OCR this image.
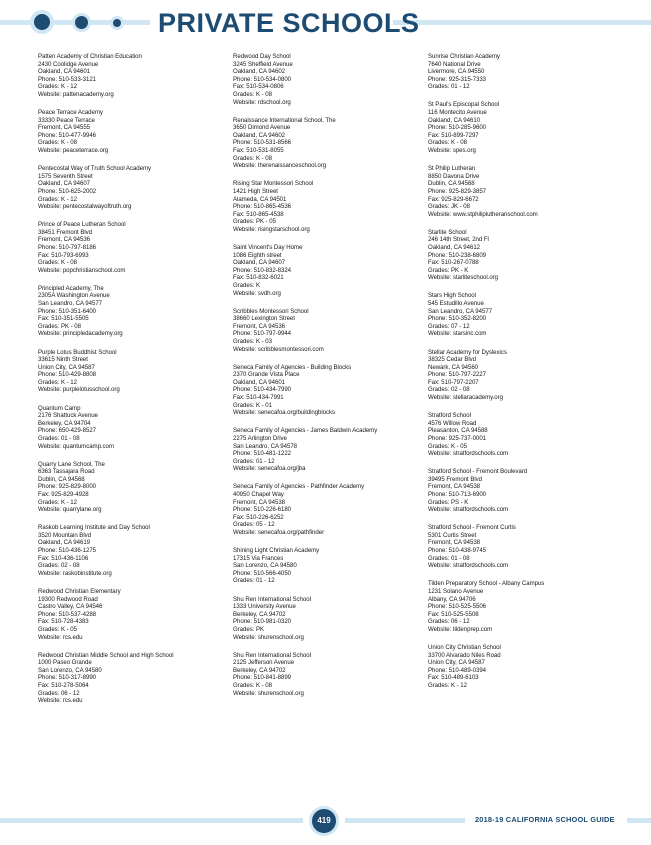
PRIVATE SCHOOLS
Patten Academy of Christian Education
2430 Coolidge Avenue
Oakland, CA 94601
Phone: 510-533-3121
Grades: K - 12
Website: pattenacademy.org
Peace Terrace Academy
33330 Peace Terrace
Fremont, CA 94555
Phone: 510-477-9946
Grades: K - 08
Website: peaceterrace.org
Pentecostal Way of Truth School Academy
1575 Seventh Street
Oakland, CA 94607
Phone: 510-625-2002
Grades: K - 12
Website: pentecostalwayoftruth.org
Prince of Peace Lutheran School
38451 Fremont Blvd
Fremont, CA 94536
Phone: 510-797-8186
Fax: 510-793-6993
Grades: K - 08
Website: popchristianschool.com
Principled Academy, The
2305A Washington Avenue
San Leandro, CA 94577
Phone: 510-351-6400
Fax: 510-351-5505
Grades: PK - 08
Website: principledacademy.org
Purple Lotus Buddhist School
33615 Ninth Street
Union City, CA 94587
Phone: 510-429-8808
Grades: K - 12
Website: purplelotusschool.org
Quantum Camp
2176 Shattuck Avenue
Berkeley, CA 94704
Phone: 650-429-8527
Grades: 01 - 08
Website: quantumcamp.com
Quarry Lane School, The
6363 Tassajara Road
Dublin, CA 94568
Phone: 925-829-8000
Fax: 925-829-4928
Grades: K - 12
Website: quarrylane.org
Raskob Learning Institute and Day School
3520 Mountain Blvd
Oakland, CA 94619
Phone: 510-436-1275
Fax: 510-436-1106
Grades: 02 - 08
Website: raskobinstitute.org
Redwood Christian Elementary
19300 Redwood Road
Castro Valley, CA 94546
Phone: 510-537-4288
Fax: 510-728-4383
Grades: K - 05
Website: rcs.edu
Redwood Christian Middle School and High School
1000 Paseo Grande
San Lorenzo, CA 94580
Phone: 510-317-8990
Fax: 510-278-5064
Grades: 06 - 12
Website: rcs.edu
Redwood Day School
3245 Sheffield Avenue
Oakland, CA 94602
Phone: 510-534-0800
Fax: 510-534-0806
Grades: K - 08
Website: rdschool.org
Renaissance International School, The
3650 Dimond Avenue
Oakland, CA 94602
Phone: 510-531-8566
Fax: 510-531-8055
Grades: K - 08
Website: therenaissanceschool.org
Rising Star Montessori School
1421 High Street
Alameda, CA 94501
Phone: 510-865-4536
Fax: 510-865-4538
Grades: PK - 05
Website: risingstarschool.org
Saint Vincent's Day Home
1086 Eighth street
Oakland, CA 94607
Phone: 510-832-8324
Fax: 510-832-6021
Grades: K
Website: svdh.org
Scribbles Montessori School
38660 Lexington Street
Fremont, CA 94536
Phone: 510-797-9944
Grades: K - 03
Website: scribblesmontessori.com
Seneca Family of Agencies - Building Blocks
2370 Grande Vista Place
Oakland, CA 94601
Phone: 510-434-7990
Fax: 510-434-7991
Grades: K - 01
Website: senecafoa.org/buildingblocks
Seneca Family of Agencies - James Baldwin Academy
2275 Arlington Drive
San Leandro, CA 94578
Phone: 510-481-1222
Grades: 01 - 12
Website: senecafoa.org/jba
Seneca Family of Agencies - Pathfinder Academy
40950 Chapel Way
Fremont, CA 94538
Phone: 510-226-6180
Fax: 510-226-6252
Grades: 05 - 12
Website: senecafoa.org/pathfinder
Shining Light Christian Academy
17315 Via Frances
San Lorenzo, CA 94580
Phone: 510-566-4050
Grades: 01 - 12
Shu Ren International School
1333 University Avenue
Berkeley, CA 94702
Phone: 510-981-0320
Grades: PK
Website: shurenschool.org
Shu Ren International School
2125 Jefferson Avenue
Berkeley, CA 94702
Phone: 510-841-8899
Grades: K - 08
Website: shurenschool.org
Sunrise Christian Academy
7640 National Drive
Livermore, CA 94550
Phone: 925-315-7333
Grades: 01 - 12
St Paul's Episcopal School
116 Montecito Avenue
Oakland, CA 94610
Phone: 510-285-9600
Fax: 510-899-7297
Grades: K - 08
Website: spes.org
St Philip Lutheran
8850 Davona Drive
Dublin, CA 94568
Phone: 925-829-3857
Fax: 925-829-6672
Grades: JK - 08
Website: www.stphiliplutheranschool.com
Starlite School
246 14th Street, 2nd Fl
Oakland, CA 94612
Phone: 510-238-6809
Fax: 510-267-0788
Grades: PK - K
Website: starliteschool.org
Stars High School
545 Estudillo Avenue
San Leandro, CA 94577
Phone: 510-352-8200
Grades: 07 - 12
Website: starsinc.com
Stellar Academy for Dyslexics
38325 Cedar Blvd
Newark, CA 94560
Phone: 510-797-2227
Fax: 510-797-2207
Grades: 02 - 08
Website: stellaracademy.org
Stratford School
4576 Willow Road
Pleasanton, CA 94588
Phone: 925-737-0001
Grades: K - 05
Website: stratfordschools.com
Stratford School - Fremont Boulevard
39495 Fremont Blvd
Fremont, CA 94538
Phone: 510-713-6900
Grades: PS - K
Website: stratfordschools.com
Stratford School - Fremont Curtis
5301 Curtis Street
Fremont, CA 94538
Phone: 510-438-9745
Grades: 01 - 08
Website: stratfordschools.com
Tilden Preparatory School - Albany Campus
1231 Solano Avenue
Albany, CA 94706
Phone: 510-525-5506
Fax: 510-525-5508
Grades: 06 - 12
Website: tildenprep.com
Union City Christian School
33700 Alvarado Niles Road
Union City, CA 94587
Phone: 510-489-0394
Fax: 510-489-6103
Grades: K - 12
419	2018-19 CALIFORNIA SCHOOL GUIDE
